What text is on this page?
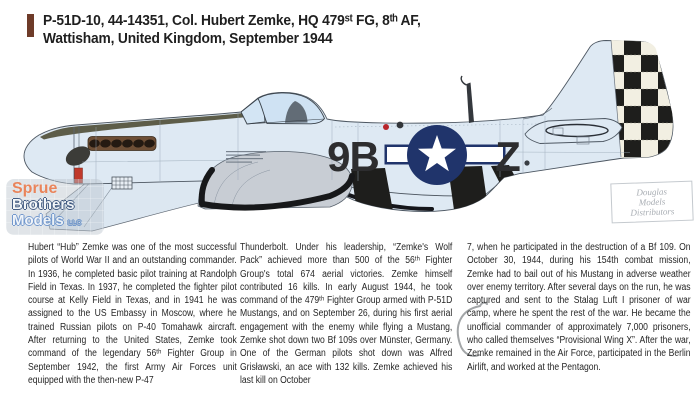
P-51D-10, 44-14351, Col. Hubert Zemke, HQ 479ˢᵗ FG, 8ᵗʰ AF,
Wattisham, United Kingdom, September 1944
9B	Z
Sprue
Brothers
Models LLC
Douglas
Models
Distributors
Hubert “Hub” Zemke was one of the most successful pilots of World War II and an outstanding commander. In 1936, he completed basic pilot training at Randolph Field in Texas. In 1937, he completed the fighter pilot course at Kelly Field in Texas, and in 1941 he was assigned to the US Embassy in Moscow, where he trained Russian pilots on P-40 Tomahawk aircraft. After returning to the United States, Zemke took command of the legendary 56ᵗʰ Fighter Group in September 1942, the first Army Air Forces unit equipped with the then-new P-47
Thunderbolt. Under his leadership, “Zemke's Wolf Pack” achieved more than 500 of the 56ᵗʰ Fighter Group's total 674 aerial victories. Zemke himself contributed 16 kills. In early August 1944, he took command of the 479ᵗʰ Fighter Group armed with P-51D Mustangs, and on September 26, during his first aerial engagement with the enemy while flying a Mustang, Zemke shot down two Bf 109s over Münster, Germany. One of the German pilots shot down was Alfred Grisławski, an ace with 132 kills. Zemke achieved his last kill on October
7, when he participated in the destruction of a Bf 109. On October 30, 1944, during his 154th combat mission, Zemke had to bail out of his Mustang in adverse weather over enemy territory. After several days on the run, he was captured and sent to the Stalag Luft I prisoner of war camp, where he spent the rest of the war. He became the unofficial commander of approximately 7,000 prisoners, who called themselves “Provisional Wing X”. After the war, Zemke remained in the Air Force, participated in the Berlin Airlift, and worked at the Pentagon.
